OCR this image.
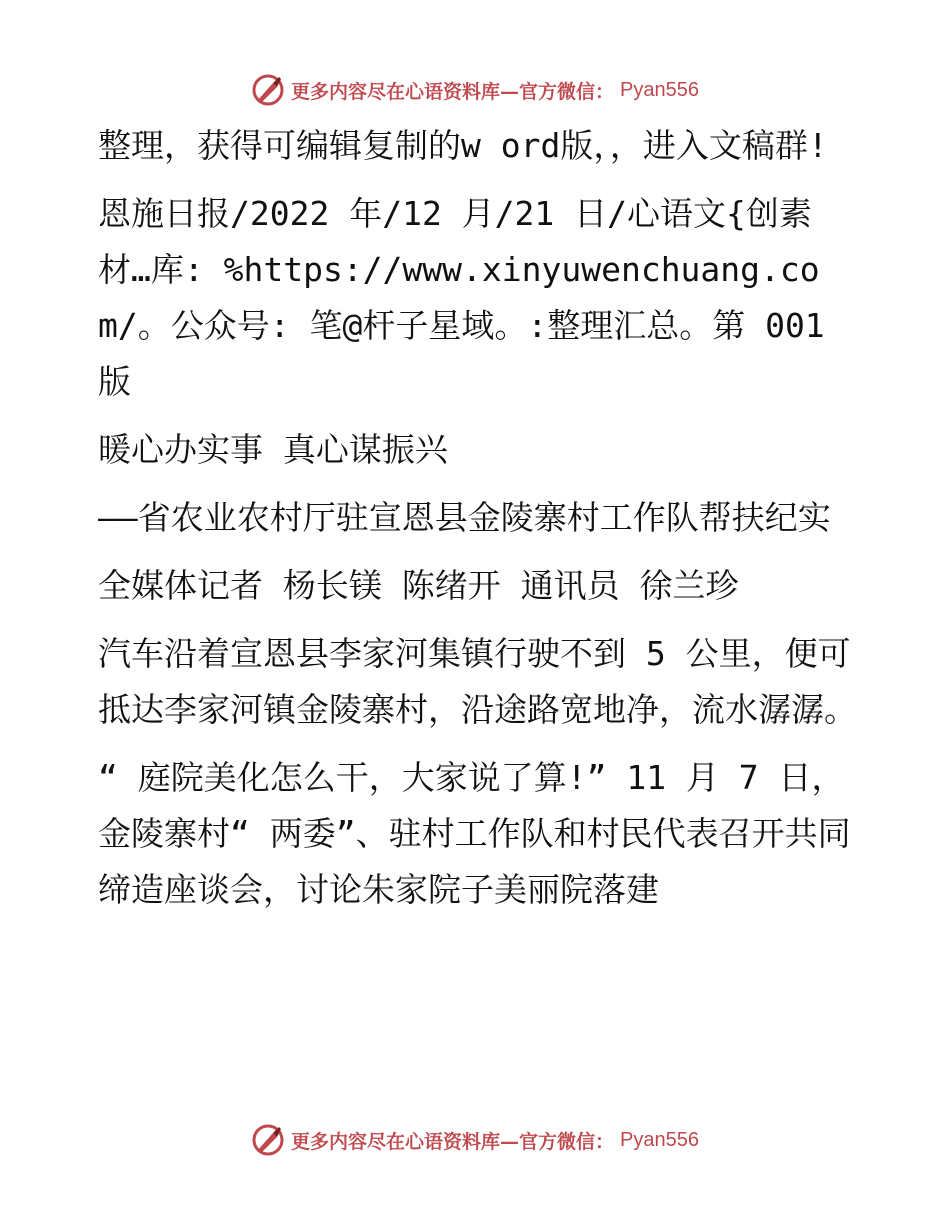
更多内容尽在心语资料库—官方微信： Pyan556

整理，获得可编辑复制的w ord版，，进入文稿群!

恩施日报/2022 年/12 月/21 日/心语文{创素材…库: %https://www.xinyuwenchuang.com/。公众号: 笔@杆子星域。:整理汇总。第 001 版

暖心办实事 真心谋振兴

——省农业农村厅驻宣恩县金陵寨村工作队帮扶纪实

全媒体记者 杨长镁 陈绪开 通讯员 徐兰珍

汽车沿着宣恩县李家河集镇行驶不到 5 公里，便可抵达李家河镇金陵寨村，沿途路宽地净，流水潺潺。

“ 庭院美化怎么干，大家说了算!” 11 月 7 日，金陵寨村“ 两委”、驻村工作队和村民代表召开共同缔造座谈会，讨论朱家院子美丽院落建

更多内容尽在心语资料库—官方微信： Pyan556
